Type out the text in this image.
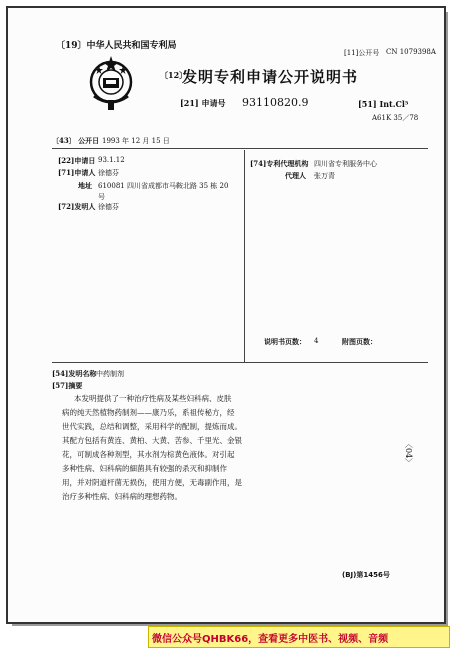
〔19〕中华人民共和国专利局
[11]公开号 CN 1079398A
〔12〕
发明专利申请公开说明书
[21] 申请号 93110820.9	[51] Int.Cl⁵
A61K 35／78
〔43〕 公开日 1993 年 12 月 15 日
[22]申请日 93.1.12
[71]申请人 徐德芬
地址 610081 四川省成都市马鞍北路 35 栋 20
号
[72]发明人 徐德芬
[74]专利代理机构 四川省专利服务中心
代理人 张万青
说明书页数： 4	附图页数：
[54]发明名称 中药制剂
[57]摘要

本发明提供了一种治疗性病及某些妇科病、皮肤

病的纯天然植物药制剂——康乃乐，系祖传秘方，经

世代实践，总结和调整，采用科学的配制，提炼而成。

其配方包括有黄连、黄柏、大黄、苦参、千里光、金银

花，可制成各种剂型，其水剂为棕黄色液体。对引起

多种性病、妇科病的細菌具有较强的杀灭和抑制作

用，并对阴道杆菌无损伤，使用方便，无毒副作用，是

治疗多种性病、妇科病的理想药物。

〈04〉
(BJ)第1456号
微信公众号QHBK66，查看更多中医书、视频、音频
